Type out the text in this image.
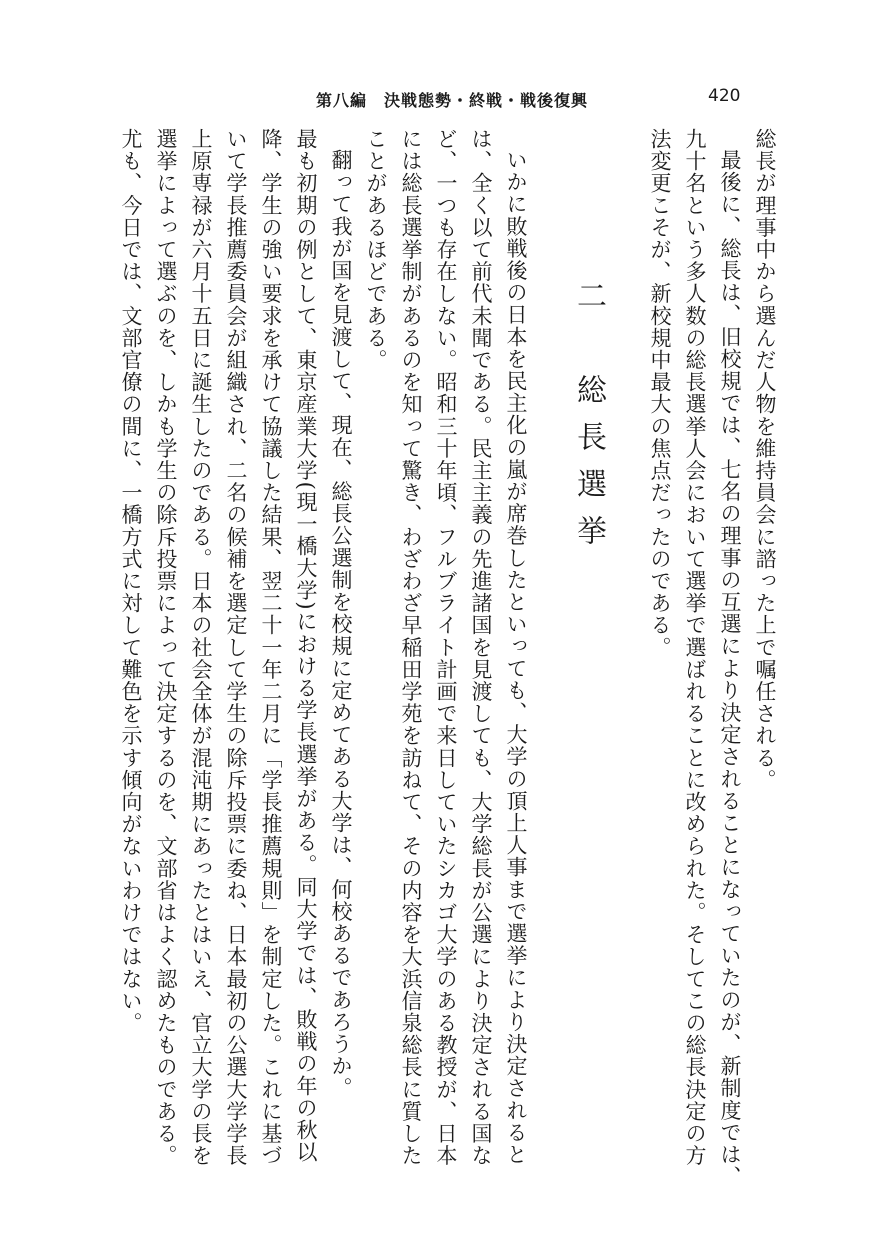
第八編　決戦態勢・終戦・戦後復興	420

総長が理事中から選んだ人物を維持員会に諮った上で嘱任される。

最後に、総長は、旧校規では、七名の理事の互選により決定されることになっていたのが、新制度では、九十名という多人数の総長選挙人会において選挙で選ばれることに改められた。そしてこの総長決定の方法変更こそが、新校規中最大の焦点だったのである。

二　総長選挙

いかに敗戦後の日本を民主化の嵐が席巻したといっても、大学の頂上人事まで選挙により決定されるとは、全く以て前代未聞である。民主主義の先進諸国を見渡しても、大学総長が公選により決定される国など、一つも存在しない。昭和三十年頃、フルブライト計画で来日していたシカゴ大学のある教授が、日本には総長選挙制があるのを知って驚き、わざわざ早稲田学苑を訪ねて、その内容を大浜信泉総長に質したことがあるほどである。

翻って我が国を見渡して、現在、総長公選制を校規に定めてある大学は、何校あるであろうか。

最も初期の例として、東京産業大学(現一橋大学)における学長選挙がある。同大学では、敗戦の年の秋以降、学生の強い要求を承けて協議した結果、翌二十一年二月に「学長推薦規則」を制定した。これに基づいて学長推薦委員会が組織され、二名の候補を選定して学生の除斥投票に委ね、日本最初の公選大学学長上原専禄が六月十五日に誕生したのである。日本の社会全体が混沌期にあったとはいえ、官立大学の長を選挙によって選ぶのを、しかも学生の除斥投票によって決定するのを、文部省はよく認めたものである。尤も、今日では、文部官僚の間に、一橋方式に対して難色を示す傾向がないわけではない。
